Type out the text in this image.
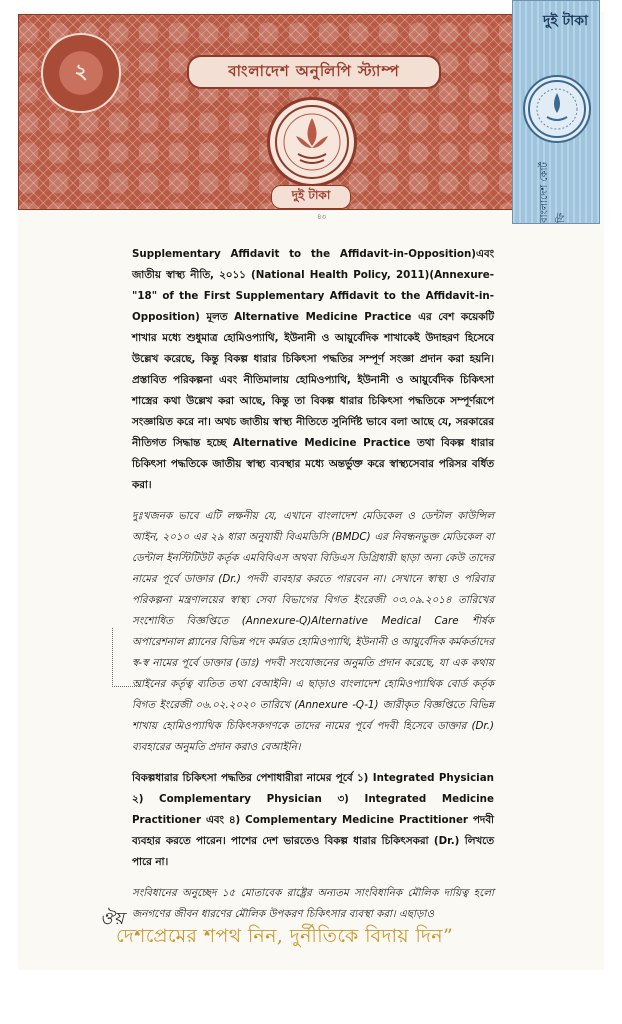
২	বাংলাদেশ অনুলিপি স্ট্যাম্প
দুই টাকা
৪৩
দুই টাকা
বাংলাদেশ কোর্ট ফি

Supplementary Affidavit to the Affidavit-in-Opposition)এবং জাতীয় স্বাস্থ্য নীতি, ২০১১ (National Health Policy, 2011)(Annexure-"18" of the First Supplementary Affidavit to the Affidavit-in-Opposition) মূলত Alternative Medicine Practice এর বেশ কয়েকটি শাখার মধ্যে শুধুমাত্র হোমিওপ্যাথি, ইউনানী ও আয়ুর্বেদিক শাখাকেই উদাহরণ হিসেবে উল্লেখ করেছে, কিন্তু বিকল্প ধারার চিকিৎসা পদ্ধতির সম্পূর্ণ সংজ্ঞা প্রদান করা হয়নি। প্রস্তাবিত পরিকল্পনা এবং নীতিমালায় হোমিওপ্যাথি, ইউনানী ও আয়ুর্বেদিক চিকিৎসা শাস্ত্রের কথা উল্লেখ করা আছে, কিন্তু তা বিকল্প ধারার চিকিৎসা পদ্ধতিকে সম্পূর্ণরূপে সংজ্ঞায়িত করে না। অথচ জাতীয় স্বাস্থ্য নীতিতে সুনির্দিষ্ট ভাবে বলা আছে যে, সরকারের নীতিগত সিদ্ধান্ত হচ্ছে Alternative Medicine Practice তথা বিকল্প ধারার চিকিৎসা পদ্ধতিকে জাতীয় স্বাস্থ্য ব্যবস্থার মধ্যে অন্তর্ভুক্ত করে স্বাস্থ্যসেবার পরিসর বর্ধিত করা।

দুঃখজনক ভাবে এটি লক্ষনীয় যে, এখানে বাংলাদেশ মেডিকেল ও ডেন্টাল কাউন্সিল আইন, ২০১০ এর ২৯ ধারা অনুযায়ী বিএমডিসি (BMDC) এর নিবন্ধনভুক্ত মেডিকেল বা ডেন্টাল ইনস্টিটিউট কর্তৃক এমবিবিএস অথবা বিডিএস ডিগ্রিধারী ছাড়া অন্য কেউ তাদের নামের পূর্বে ডাক্তার (Dr.) পদবী ব্যবহার করতে পারবেন না। সেখানে স্বাস্থ্য ও পরিবার পরিকল্পনা মন্ত্রণালয়ের স্বাস্থ্য সেবা বিভাগের বিগত ইংরেজী ০৩.০৯.২০১৪ তারিখের সংশোধিত বিজ্ঞপ্তিতে (Annexure-Q)Alternative Medical Care শীর্ষক অপারেশনাল প্ল্যানের বিভিন্ন পদে কর্মরত হোমিওপ্যাথি, ইউনানী ও আয়ুর্বেদিক কর্মকর্তাদের স্ব-স্ব নামের পূর্বে ডাক্তার (ডাঃ) পদবী সংযোজনের অনুমতি প্রদান করেছে, যা এক কথায় আইনের কর্তৃত্ব ব্যতিত তথা বেআইনি। এ ছাড়াও বাংলাদেশ হোমিওপ্যাথিক বোর্ড কর্তৃক বিগত ইংরেজী ০৬.০২.২০২০ তারিখে (Annexure -Q-1) জারীকৃত বিজ্ঞপ্তিতে বিভিন্ন শাখায় হোমিওপ্যাথিক চিকিৎসকগণকে তাদের নামের পূর্বে পদবী হিসেবে ডাক্তার (Dr.) ব্যবহারের অনুমতি প্রদান করাও বেআইনি।

বিকল্পধারার চিকিৎসা পদ্ধতির পেশাধারীরা নামের পূর্বে ১) Integrated Physician ২) Complementary Physician ৩) Integrated Medicine Practitioner এবং ৪) Complementary Medicine Practitioner পদবী ব্যবহার করতে পারেন। পাশের দেশ ভারতেও বিকল্প ধারার চিকিৎসকরা (Dr.) লিখতে পারে না।

সংবিধানের অনুচ্ছেদ ১৫ মোতাবেক রাষ্ট্রের অন্যতম সাংবিধানিক মৌলিক দায়িত্ব হলো জনগণের জীবন ধারণের মৌলিক উপকরণ চিকিৎসার ব্যবস্থা করা। এছাড়াও

ঔয়
দেশপ্রেমের শপথ নিন, দুর্নীতিকে বিদায় দিন”
